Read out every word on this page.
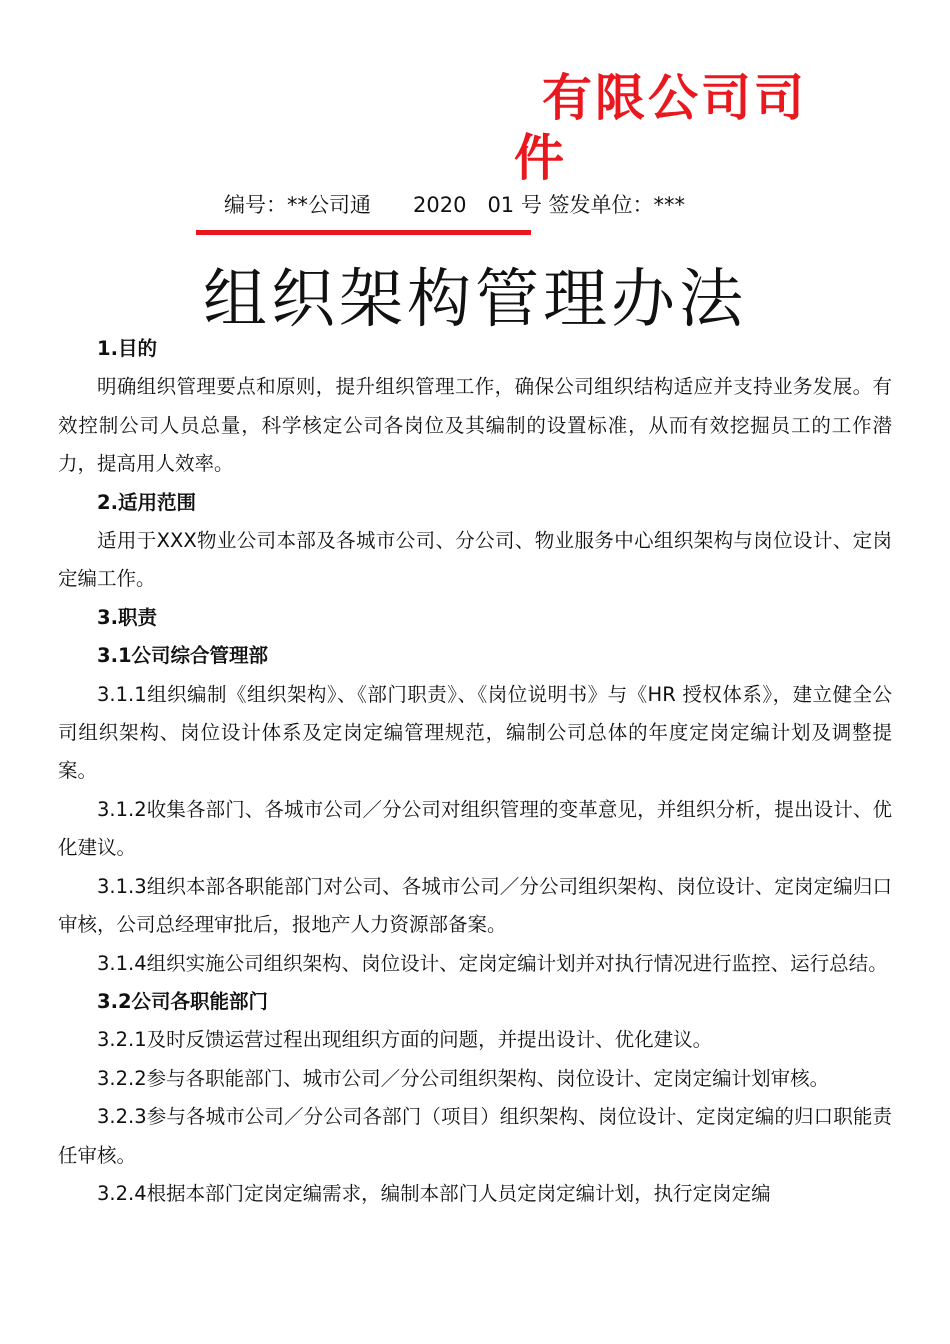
有限公司司
件
编号：**公司通　　2020　01 号 签发单位：***
组织架构管理办法

1.目的

明确组织管理要点和原则，提升组织管理工作，确保公司组织结构适应并支持业务发展。有效控制公司人员总量，科学核定公司各岗位及其编制的设置标准，从而有效挖掘员工的工作潜力，提高用人效率。

2.适用范围

适用于XXX物业公司本部及各城市公司、分公司、物业服务中心组织架构与岗位设计、定岗定编工作。

3.职责

3.1公司综合管理部

3.1.1组织编制《组织架构》、《部门职责》、《岗位说明书》与《HR 授权体系》，建立健全公司组织架构、岗位设计体系及定岗定编管理规范，编制公司总体的年度定岗定编计划及调整提案。

3.1.2收集各部门、各城市公司／分公司对组织管理的变革意见，并组织分析，提出设计、优化建议。

3.1.3组织本部各职能部门对公司、各城市公司／分公司组织架构、岗位设计、定岗定编归口审核，公司总经理审批后，报地产人力资源部备案。

3.1.4组织实施公司组织架构、岗位设计、定岗定编计划并对执行情况进行监控、运行总结。

3.2公司各职能部门

3.2.1及时反馈运营过程出现组织方面的问题，并提出设计、优化建议。

3.2.2参与各职能部门、城市公司／分公司组织架构、岗位设计、定岗定编计划审核。

3.2.3参与各城市公司／分公司各部门（项目）组织架构、岗位设计、定岗定编的归口职能责任审核。

3.2.4根据本部门定岗定编需求，编制本部门人员定岗定编计划，执行定岗定编
